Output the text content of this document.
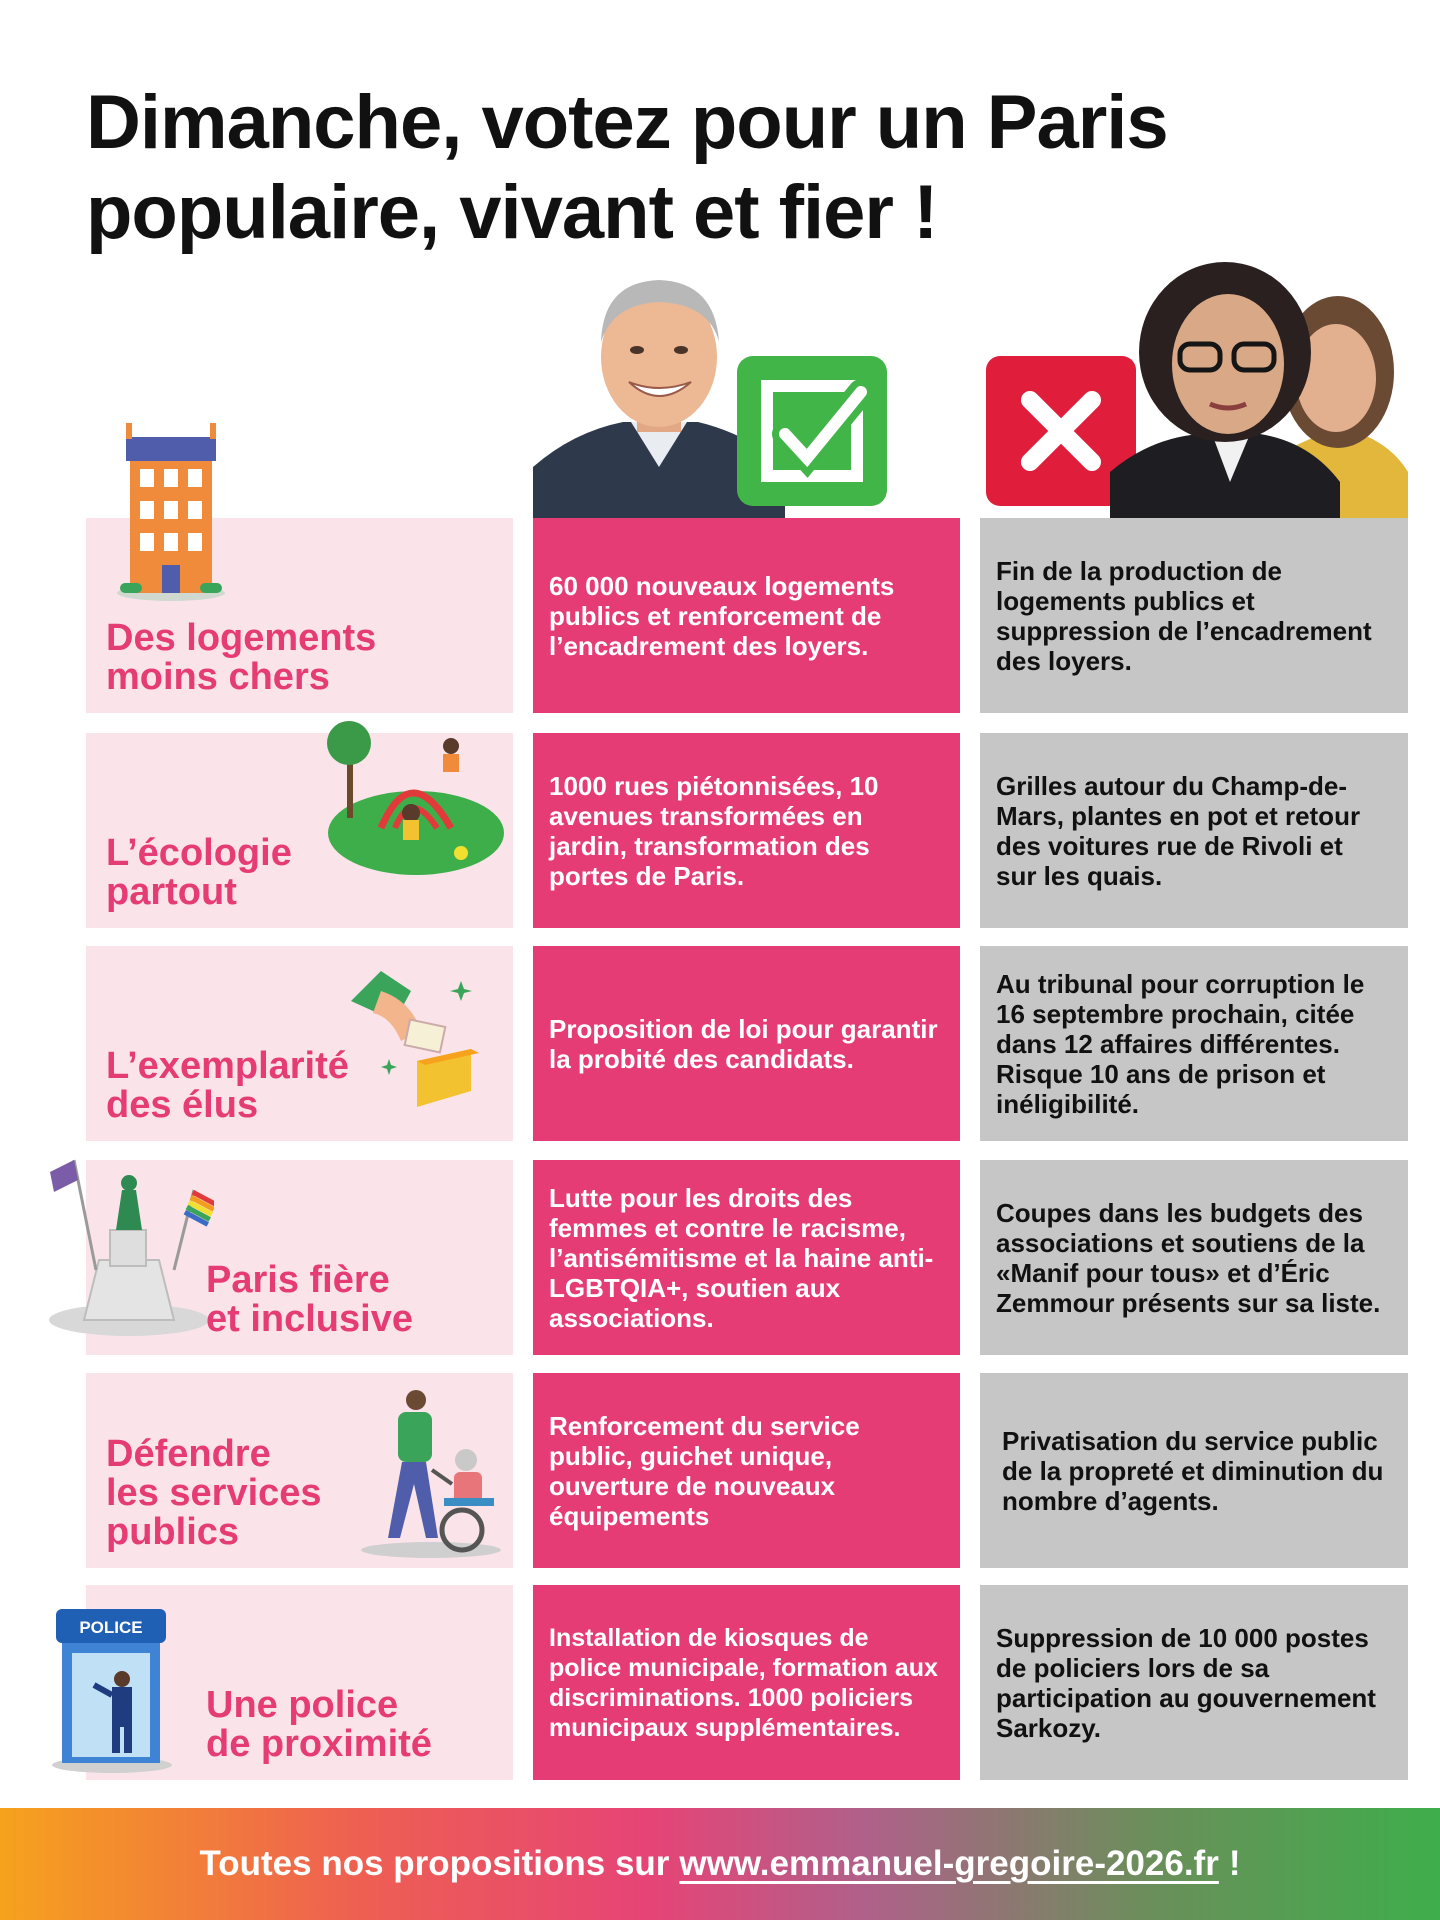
Dimanche, votez pour un Paris
populaire, vivant et fier !
Des logements
moins chers
60 000 nouveaux logements publics et renforcement de l’encadrement des loyers.
Fin de la production de logements publics et suppression de l’encadrement des loyers.
L’écologie
partout
1000 rues piétonnisées, 10 avenues transformées en jardin, transformation des portes de Paris.
Grilles autour du Champ-de-Mars, plantes en pot et retour des voitures rue de Rivoli et sur les quais.
L’exemplarité
des élus
Proposition de loi pour garantir la probité des candidats.
Au tribunal pour corruption le 16 septembre prochain, citée dans 12 affaires différentes. Risque 10 ans de prison et inéligibilité.
Paris fière
et inclusive
Lutte pour les droits des femmes et contre le racisme, l’antisémitisme et la haine anti-LGBTQIA+, soutien aux associations.
Coupes dans les budgets des associations et soutiens de la «Manif pour tous» et d’Éric Zemmour présents sur sa liste.
Défendre
les services
publics
Renforcement du service public, guichet unique, ouverture de nouveaux équipements
Privatisation du service public de la propreté et diminution du nombre d’agents.
POLICE
Une police
de proximité
Installation de kiosques de police municipale, formation aux discriminations. 1000 policiers municipaux supplémentaires.
Suppression de 10 000 postes de policiers lors de sa participation au gouvernement Sarkozy.
Toutes nos propositions sur www.emmanuel-gregoire-2026.fr !
